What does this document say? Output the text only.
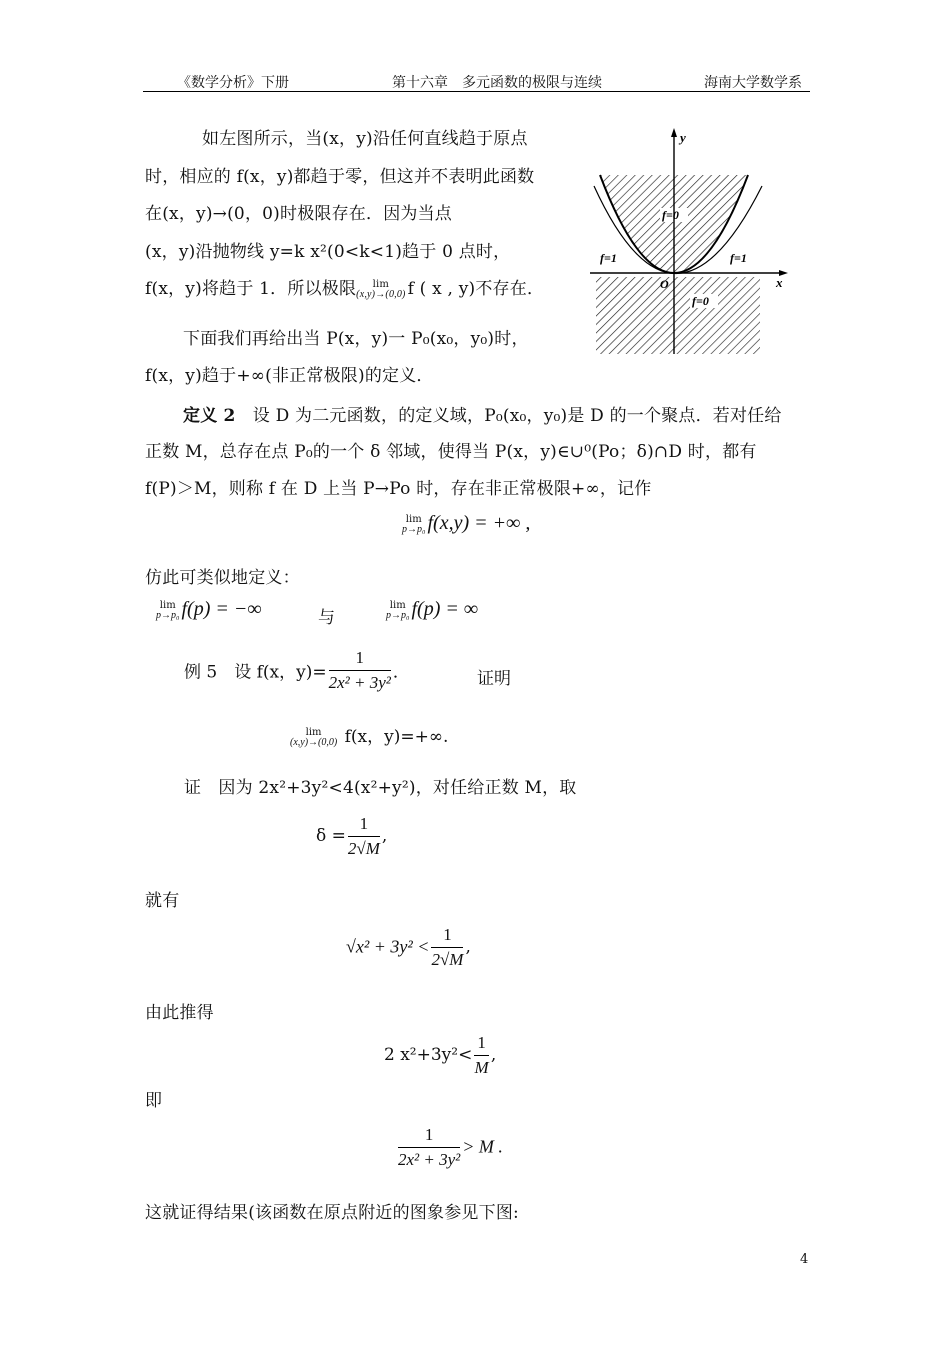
《数学分析》下册	第十六章　多元函数的极限与连续	海南大学数学系
如左图所示，当(x，y)沿任何直线趋于原点
时，相应的 f(x，y)都趋于零，但这并不表明此函数
在(x，y)→(0，0)时极限存在．因为当点
(x，y)沿抛物线 y=k x²(0<k<1)趋于 0 点时，
f(x，y)将趋于 1．所以极限	lim
(x,y)→(0,0) f ( x , y)不存在．
下面我们再给出当 P(x，y)一 P₀(x₀，y₀)时，
f(x，y)趋于+∞(非正常极限)的定义．
y
x
O
f=0
f=0
f=1	f=1
定义 2　 设 D 为二元函数，的定义域，P₀(x₀，y₀)是 D 的一个聚点．若对任给
正数 M，总存在点 P₀的一个 δ 邻域，使得当 P(x，y)∈∪⁰(Po；δ)∩D 时，都有
f(P)＞M，则称 f 在 D 上当 P→Po 时，存在非正常极限+∞，记作
lim
p→p₀ f(x,y) = +∞ ,
仿此可类似地定义：
lim
p→p₀ f(p) = −∞	与
lim
p→p₀ f(p) = ∞
例 5　设 f(x，$y)= \frac{1}{\text{2x² + 3y²}}$ ．	证明
lim
(x,y)→(0,0) f(x，y)=+∞.
证　因为 2x²+3y²<4(x²+y²)，对任给正数 M，取
$\delta = \frac{1}{2√M}$ ,
就有
$√x^2 + 3y^2 < \frac{1}{2√M}$ ,
由此推得
2 $x^2+3y^2< \frac{1}{M}$ ,
即
$\frac{1}{\text{2x² + 3y²}} > M$ .
这就证得结果(该函数在原点附近的图象参见下图:
4
